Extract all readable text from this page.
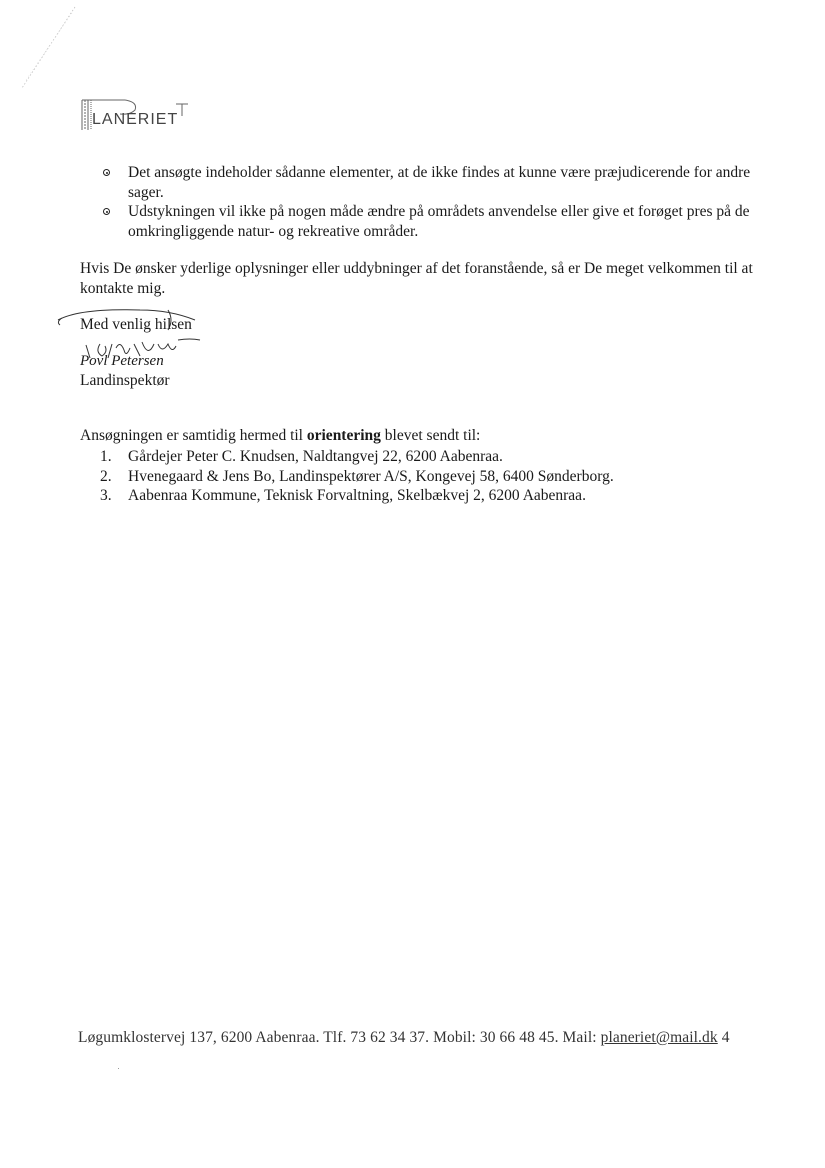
LANERIET
Det ansøgte indeholder sådanne elementer, at de ikke findes at kunne være præjudicerende for andre sager.
Udstykningen vil ikke på nogen måde ændre på områdets anvendelse eller give et forøget pres på de omkringliggende natur- og rekreative områder.
Hvis De ønsker yderlige oplysninger eller uddybninger af det foranstående, så er De meget velkommen til at kontakte mig.
Med venlig hilsen
Povl Petersen
Landinspektør
Ansøgningen er samtidig hermed til orientering blevet sendt til:
1. Gårdejer Peter C. Knudsen, Naldtangvej 22, 6200 Aabenraa.
2. Hvenegaard & Jens Bo, Landinspektører A/S, Kongevej 58, 6400 Sønderborg.
3. Aabenraa Kommune, Teknisk Forvaltning, Skelbækvej 2, 6200 Aabenraa.
Løgumklostervej 137, 6200 Aabenraa. Tlf. 73 62 34 37. Mobil: 30 66 48 45. Mail: planeriet@mail.dk 4
